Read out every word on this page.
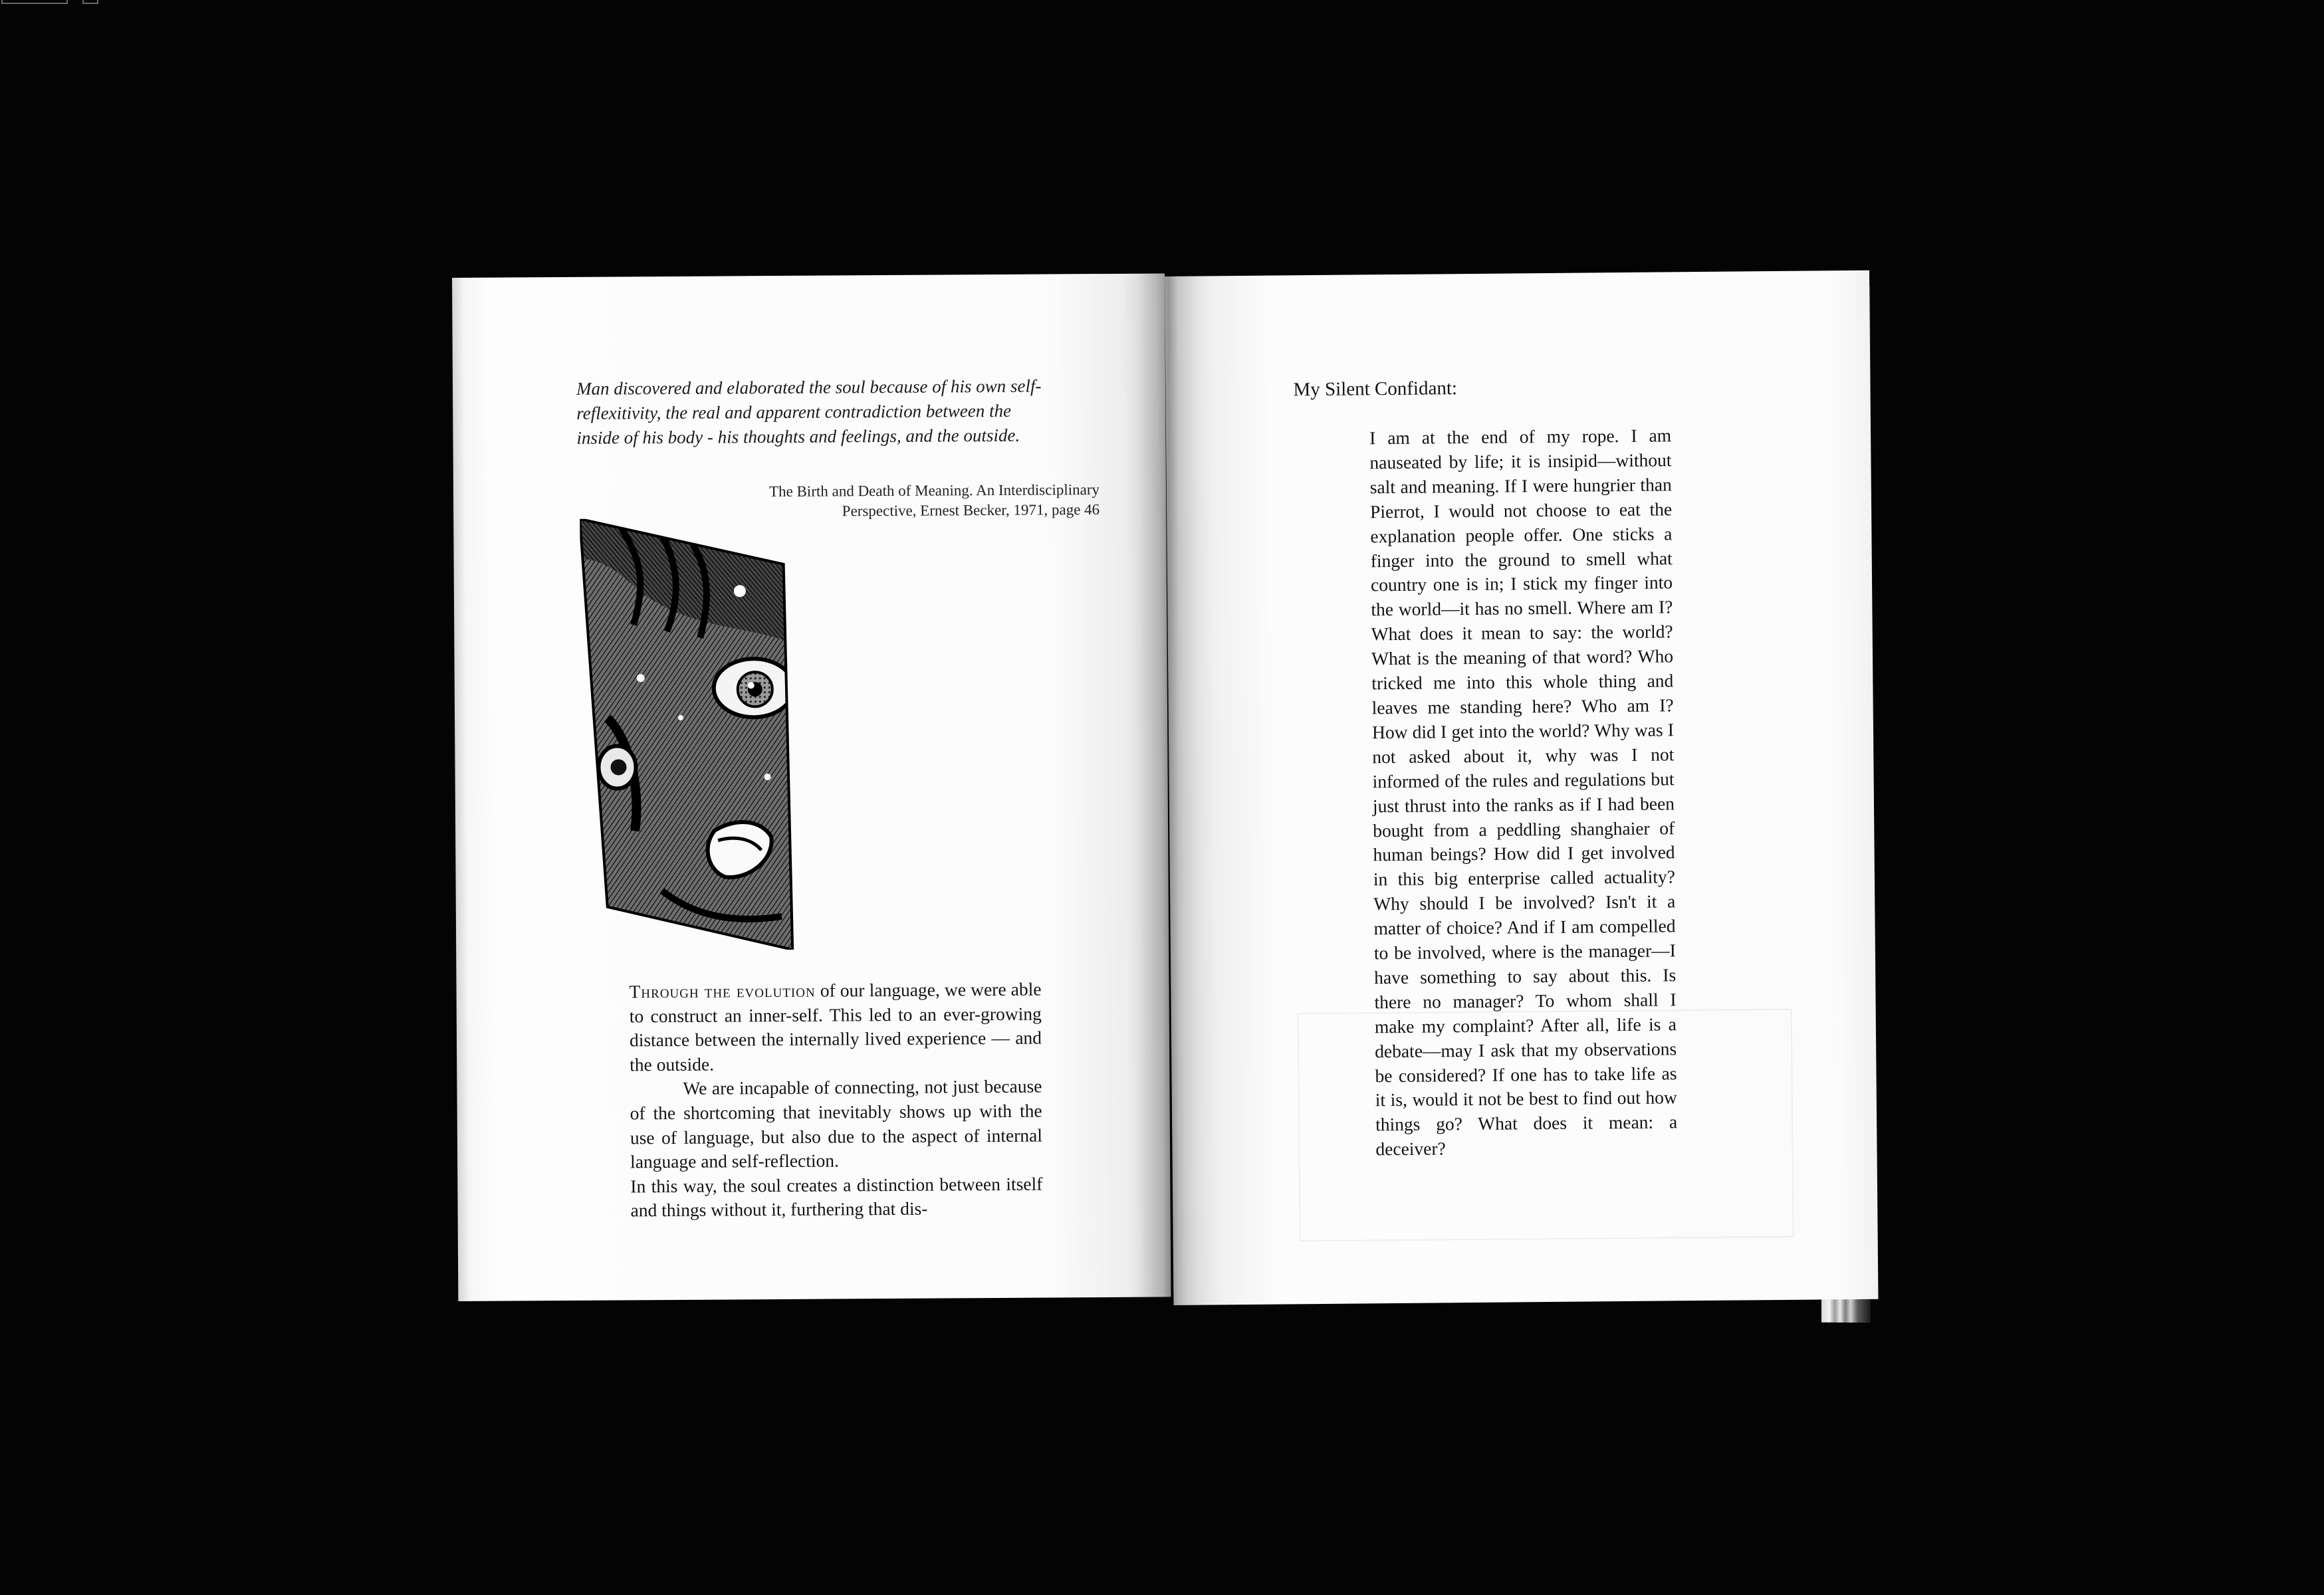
Man discovered and elaborated the soul because of his own self-reflexitivity, the real and apparent contradiction between the inside of his body - his thoughts and feelings, and the outside.
The Birth and Death of Meaning. An Interdisciplinary
Perspective, Ernest Becker, 1971, page 46

Through the evolution of our language, we were able to construct an inner-self. This led to an ever-growing distance between the internally lived experience — and the outside.

We are incapable of connecting, not just because of the shortcoming that inevitably shows up with the use of language, but also due to the aspect of internal language and self-reflection.

In this way, the soul creates a distinction between itself and things without it, furthering that dis-

My Silent Confidant:

I am at the end of my rope. I am nauseated by life; it is insipid—without salt and meaning. If I were hungrier than Pierrot, I would not choose to eat the explanation people offer. One sticks a finger into the ground to smell what country one is in; I stick my finger into the world—it has no smell. Where am I? What does it mean to say: the world? What is the meaning of that word? Who tricked me into this whole thing and leaves me standing here? Who am I? How did I get into the world? Why was I not asked about it, why was I not informed of the rules and regulations but just thrust into the ranks as if I had been bought from a peddling shanghaier of human beings? How did I get involved in this big enterprise called actuality? Why should I be involved? Isn't it a matter of choice? And if I am compelled to be involved, where is the manager—I have something to say about this. Is there no manager? To whom shall I make my complaint? After all, life is a debate—may I ask that my observations be considered? If one has to take life as it is, would it not be best to find out how things go? What does it mean: a deceiver?
